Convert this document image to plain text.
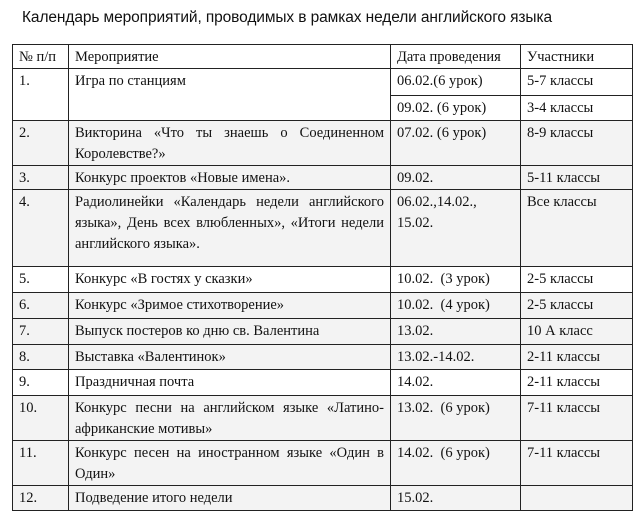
Календарь мероприятий, проводимых в рамках недели английского языка
№ п/п	Мероприятие	Дата проведения	Участники
1.	Игра по станциям	06.02.(6 урок)	5-7 классы
		09.02. (6 урок)	3-4 классы
2.	Викторина «Что ты знаешь о Соединенном Королевстве?»	07.02. (6 урок)	8-9 классы
3.	Конкурс проектов «Новые имена».	09.02.	5-11 классы
4.	Радиолинейки «Календарь недели английского языка», День всех влюбленных», «Итоги недели английского языка».	06.02.,14.02., 15.02.	Все классы
5.	Конкурс «В гостях у сказки»	10.02.  (3 урок)	2-5 классы
6.	Конкурс «Зримое стихотворение»	10.02.  (4 урок)	2-5 классы
7.	Выпуск постеров ко дню св. Валентина	13.02.	10 А класс
8.	Выставка «Валентинок»	13.02.-14.02.	2-11 классы
9.	Праздничная почта	14.02.	2-11 классы
10.	Конкурс песни на английском языке «Латино-африканские мотивы»	13.02.  (6 урок)	7-11 классы
11.	Конкурс песен на иностранном языке «Один в Один»	14.02.  (6 урок)	7-11 классы
12.	Подведение итого недели	15.02.	
